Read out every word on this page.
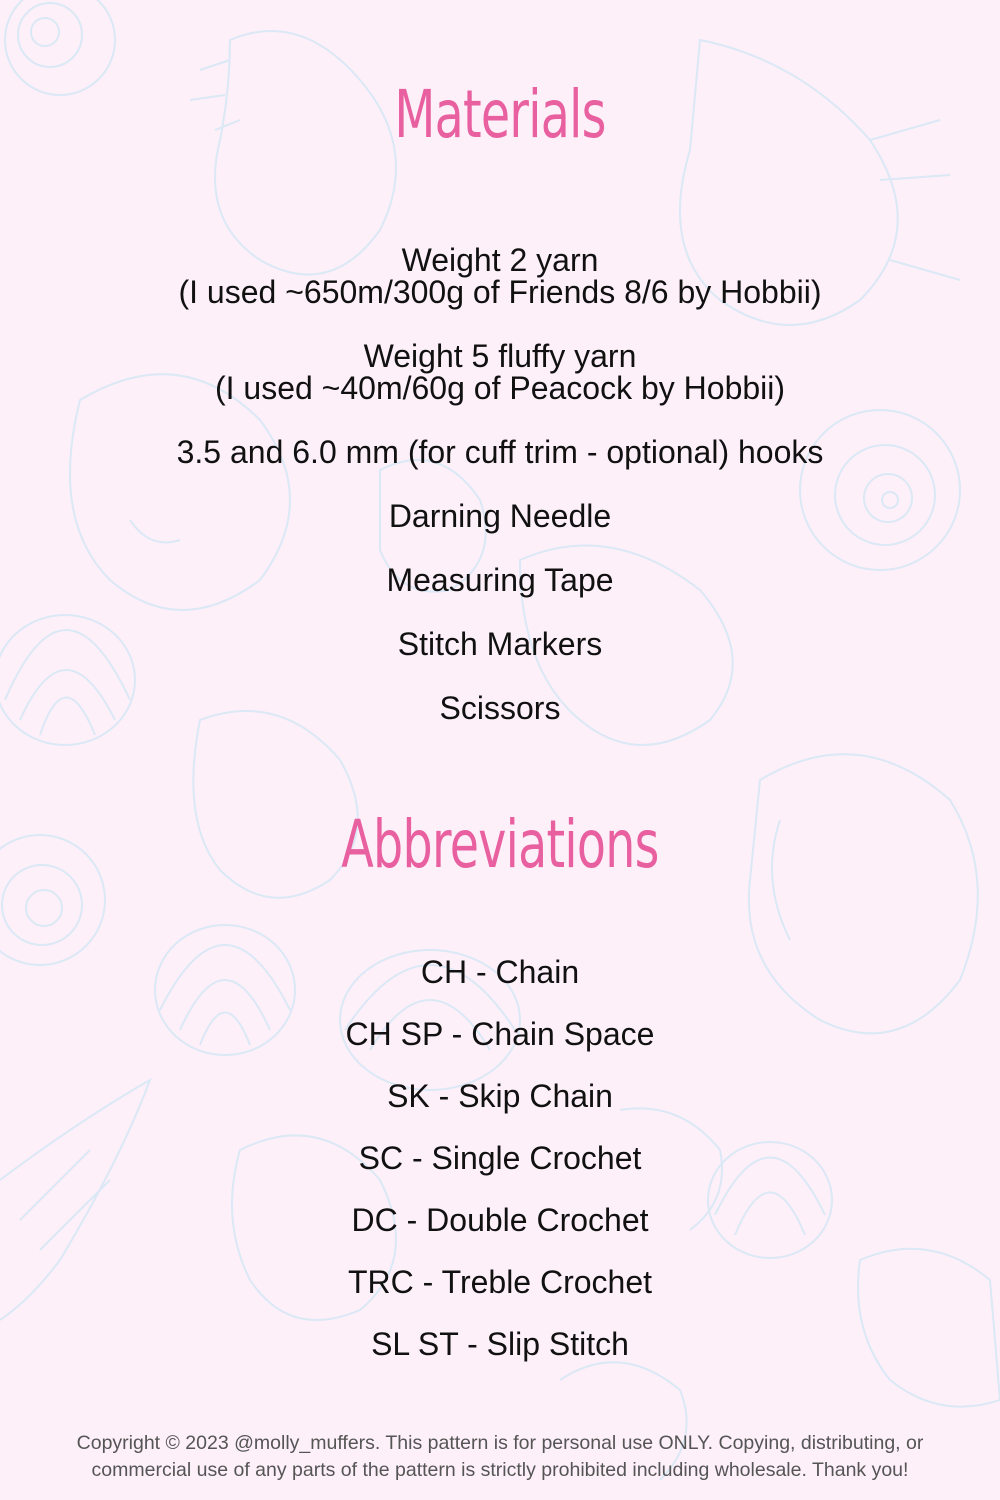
Materials
Weight 2 yarn
(I used ~650m/300g of Friends 8/6 by Hobbii)
Weight 5 fluffy yarn
(I used ~40m/60g of Peacock by Hobbii)
3.5 and 6.0 mm (for cuff trim - optional) hooks
Darning Needle
Measuring Tape
Stitch Markers
Scissors
Abbreviations
CH - Chain
CH SP - Chain Space
SK - Skip Chain
SC - Single Crochet
DC - Double Crochet
TRC - Treble Crochet
SL ST - Slip Stitch
Copyright © 2023 @molly_muffers. This pattern is for personal use ONLY. Copying, distributing, or
commercial use of any parts of the pattern is strictly prohibited including wholesale. Thank you!
